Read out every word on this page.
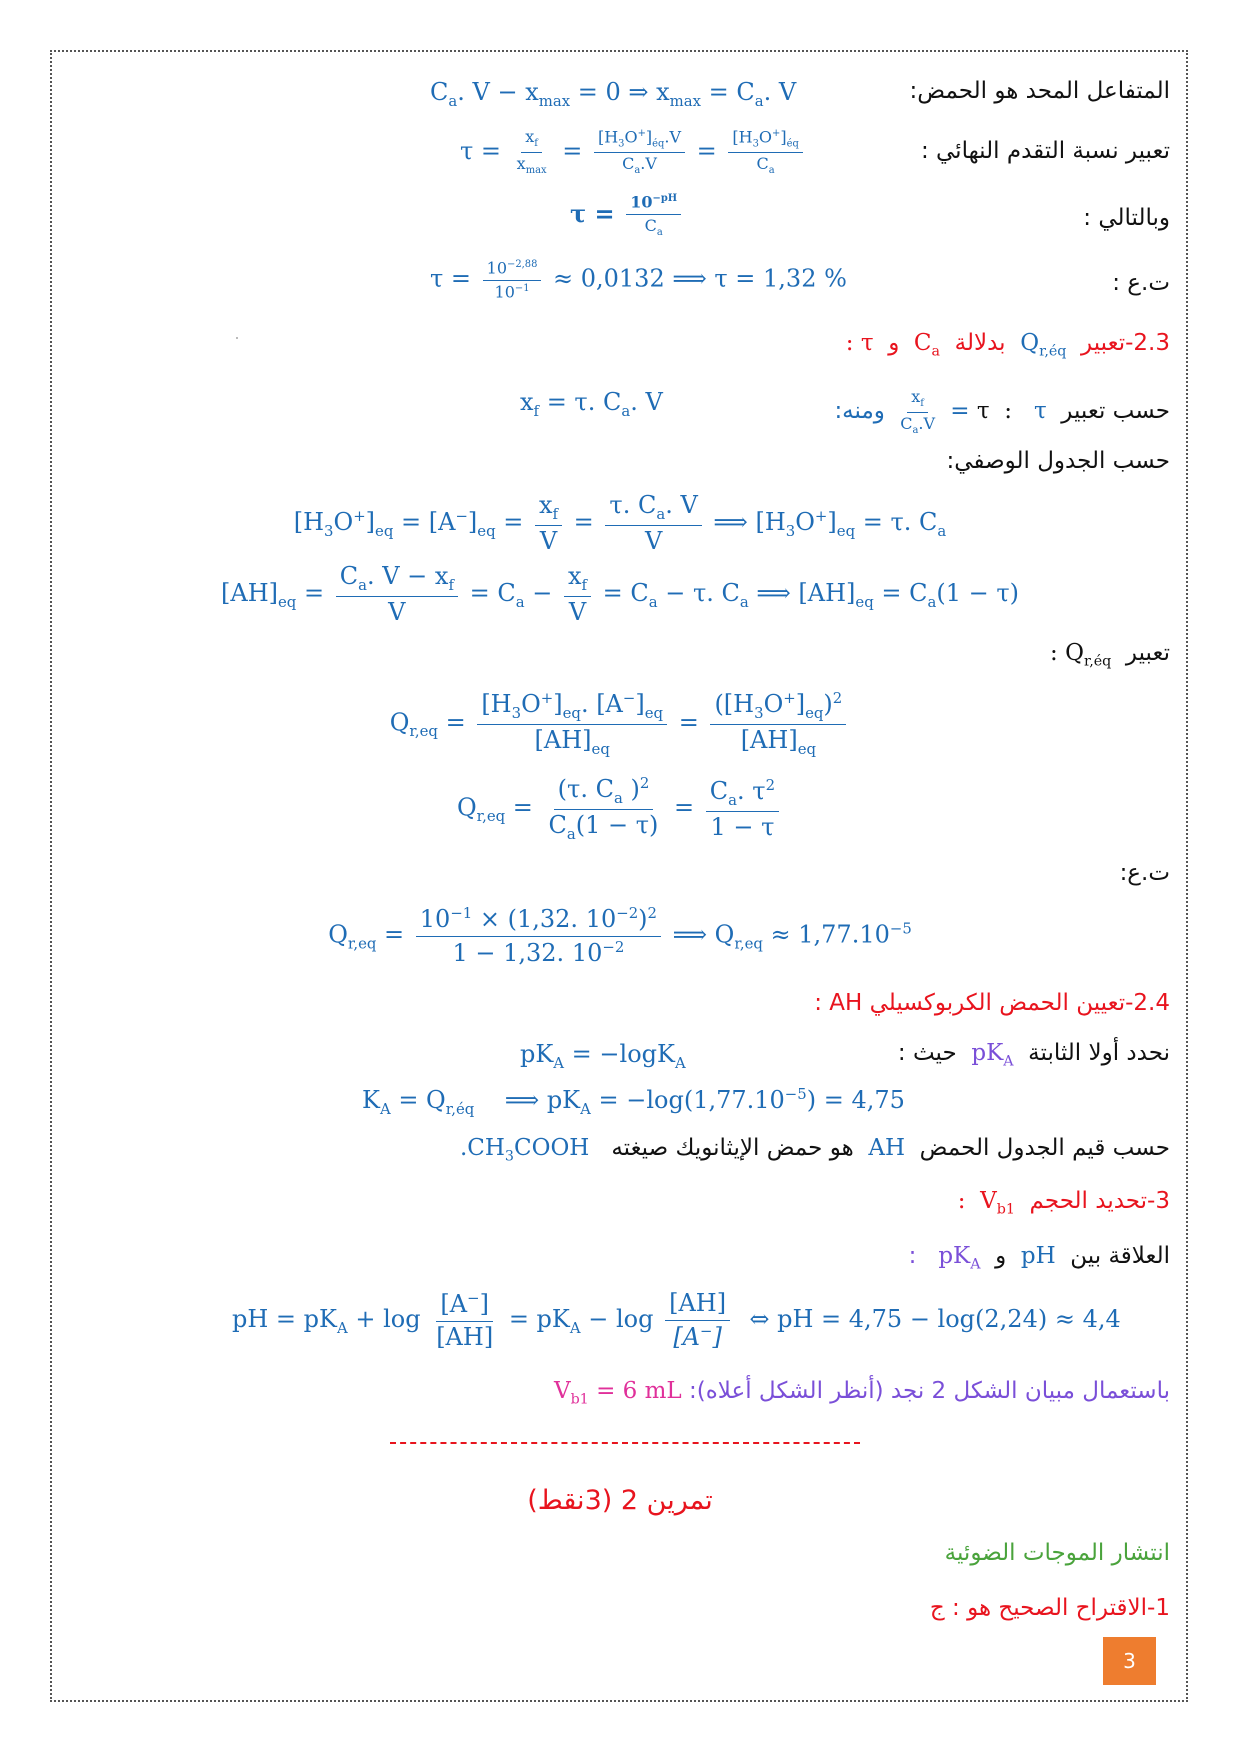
المتفاعل المحد هو الحمض:
$C_a$. $V - x_{max} = 0$ ⇒ $x_{max} = C_a$. V
تعبير نسبة التقدم النهائي :
$\tau = \frac{x_f}{x_{max}} = \frac{[H_3O^+]_{éq}.V}{C_a.V} = \frac{[H_3O^+]_{éq}}{C_a}$
وبالتالي :
$\tau = \frac{10^{-pH}}{C_a}$
ت.ع :
$\tau = \frac{10^{-2,88}}{10^{-1}} \approx 0,0132$ ⟹ τ = 1,32 %
2.3-تعبير  $Q_{r,éq}$  بدلالة  $C_a$  و  τ :
حسب تعبير  τ  :   τ =
$\frac{x_f}{C_a.V}$
ومنه:
$x_f = \tau$. $C_a$. V
حسب الجدول الوصفي:
$[H_3O^+]_{eq} = [A^-]_{eq} = \frac{x_f}{V} = \frac{\tau. C_a. V}{V}$ ⟹ $[H_3O^+]_{eq} = \tau$. $C_a$
$[AH]_{eq} = \frac{C_a. V - x_f}{V} = C_a - \frac{x_f}{V} = C_a - \tau$. $C_a$ ⟹ $[AH]_{eq} = C_a(1 - \tau)$
تعبير  $Q_{r,éq}$ :
$Q_{r,eq} = \frac{[H_3O^+]_{eq}. [A^-]_{eq}}{[AH]_{eq}} = \frac{([H_3O^+]_{eq})^2}{[AH]_{eq}}$
$Q_{r,eq} = \frac{(\tau. C_a )^2}{C_a(1 - \tau)} = \frac{C_a. \tau^2}{1 - \tau}$
ت.ع:
$Q_{r,eq} = \frac{10^{-1} \times (1,32. 10^{-2})^2}{1 - 1,32. 10^{-2}}$ ⟹ $Q_{r,eq} \approx 1,77.10^{-5}$
2.4-تعيين الحمض الكربوكسيلي AH :
نحدد أولا الثابتة  $pK_A$  حيث :
$pK_A = -\log K_A$
$K_A = Q_{r,éq}$    ⟹ $pK_A = -\log(1,77.10^{-5}) = 4,75$
حسب قيم الجدول الحمض  AH  هو حمض الإيثانويك صيغته   $CH_3COOH$.
3-تحديد الحجم  $V_{b1}$  :
العلاقة بين  pH  و  $pK_A$   :
pH = $pK_A + \log \frac{[A^-]}{[AH]} = pK_A - \log \frac{[AH]}{[A^-]}$ ⇔ pH = 4,75 − log(2,24) ≈ 4,4
باستعمال مبيان الشكل 2 نجد (أنظر الشكل أعلاه):   $V_{b1} = 6$ mL
تمرين 2 (3نقط)
انتشار الموجات الضوئية
1-الاقتراح الصحيح هو : ج
3
